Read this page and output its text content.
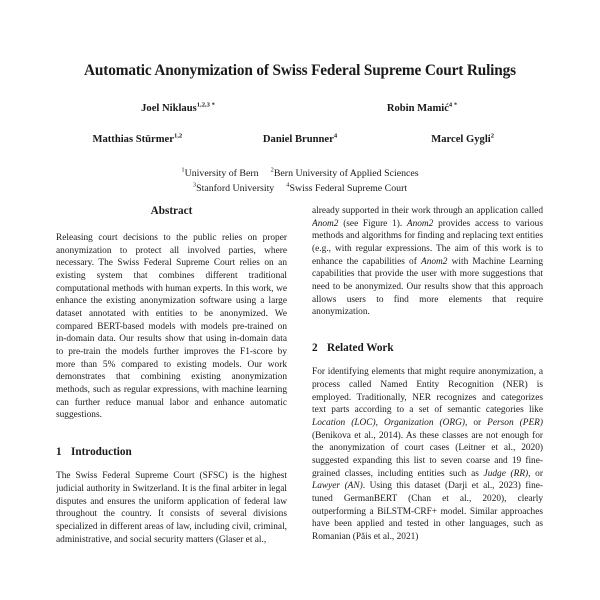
Automatic Anonymization of Swiss Federal Supreme Court Rulings
Joel Niklaus$^{1,2,3 *}$	Robin Mamić$^{4 *}$
Matthias Stürmer$^{1,2}$	Daniel Brunner$^4$	Marcel Gygli$^2$
$^1$University of Bern $^2$Bern University of Applied Sciences
$^3$Stanford University $^4$Swiss Federal Supreme Court
Abstract

Releasing court decisions to the public relies on proper anonymization to protect all involved parties, where necessary. The Swiss Federal Supreme Court relies on an existing system that combines different traditional computational methods with human experts. In this work, we enhance the existing anonymization software using a large dataset annotated with entities to be anonymized. We compared BERT-based models with models pre-trained on in-domain data. Our results show that using in-domain data to pre-train the models further improves the F1-score by more than 5% compared to existing models. Our work demonstrates that combining existing anonymization methods, such as regular expressions, with machine learning can further reduce manual labor and enhance automatic suggestions.

1 Introduction

The Swiss Federal Supreme Court (SFSC) is the highest judicial authority in Switzerland. It is the final arbiter in legal disputes and ensures the uniform application of federal law throughout the country. It consists of several divisions specialized in different areas of law, including civil, criminal, administrative, and social security matters (Glaser et al.,

already supported in their work through an application called Anom2 (see Figure 1). Anom2 provides access to various methods and algorithms for finding and replacing text entities (e.g., with regular expressions. The aim of this work is to enhance the capabilities of Anom2 with Machine Learning capabilities that provide the user with more suggestions that need to be anonymized. Our results show that this approach allows users to find more elements that require anonymization.

2 Related Work

For identifying elements that might require anonymization, a process called Named Entity Recognition (NER) is employed. Traditionally, NER recognizes and categorizes text parts according to a set of semantic categories like Location (LOC), Organization (ORG), or Person (PER) (Benikova et al., 2014). As these classes are not enough for the anonymization of court cases (Leitner et al., 2020) suggested expanding this list to seven coarse and 19 fine-grained classes, including entities such as Judge (RR), or Lawyer (AN). Using this dataset (Darji et al., 2023) fine-tuned GermanBERT (Chan et al., 2020), clearly outperforming a BiLSTM-CRF+ model. Similar approaches have been applied and tested in other languages, such as Romanian (Păis et al., 2021)
